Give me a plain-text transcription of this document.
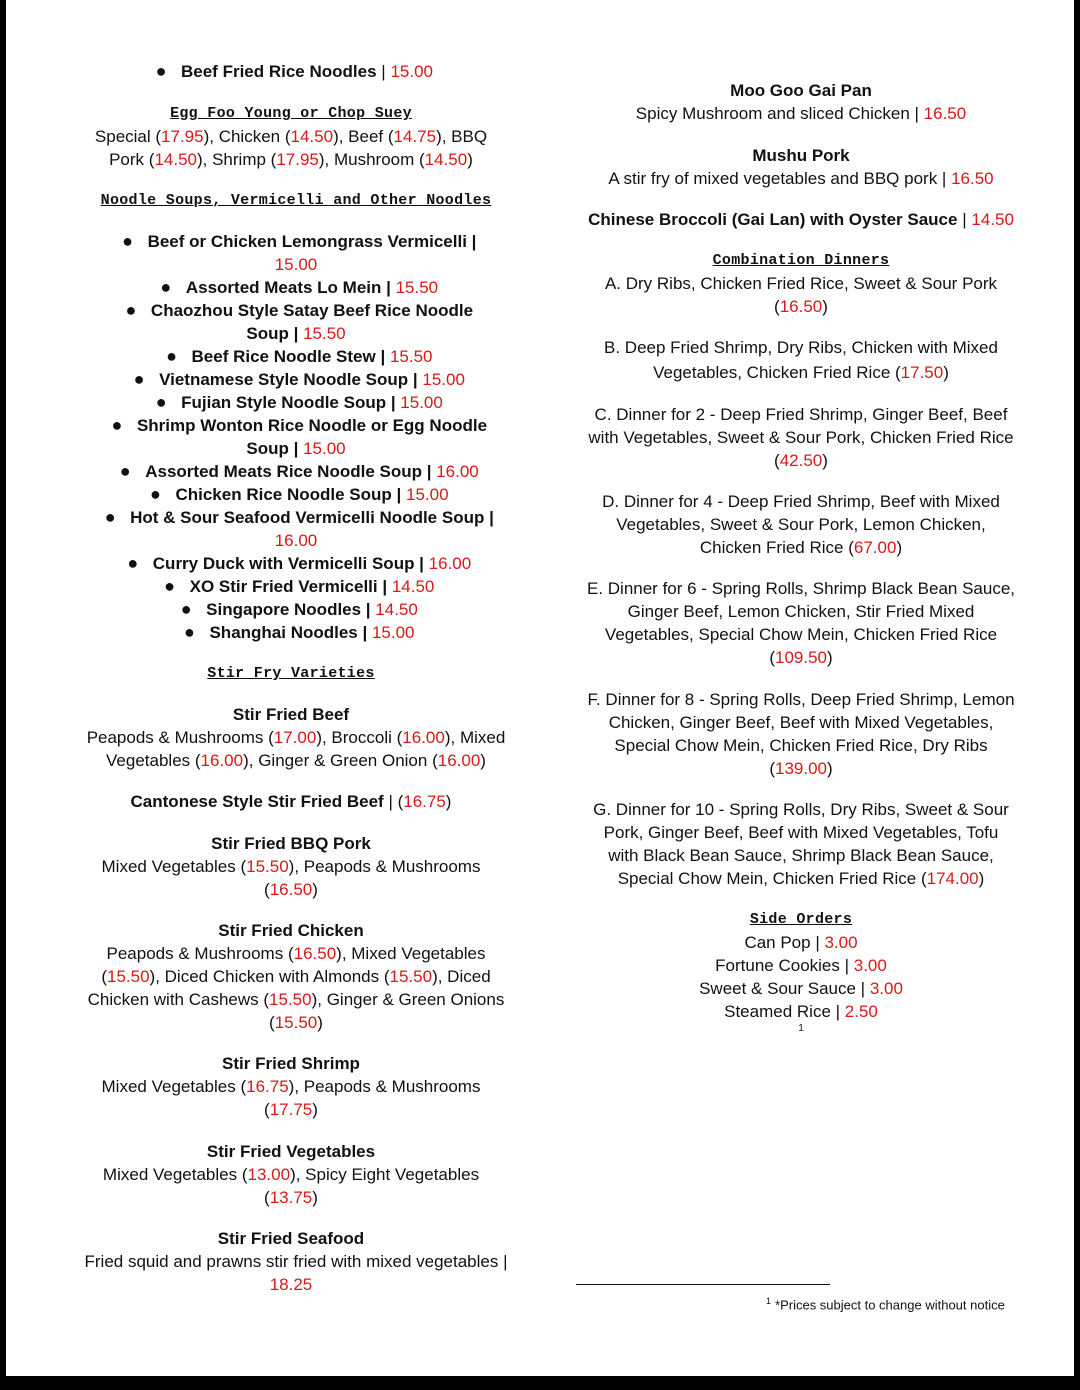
● Beef Fried Rice Noodles | 15.00
Egg Foo Young or Chop Suey
Special (17.95), Chicken (14.50), Beef (14.75), BBQ
Pork (14.50), Shrimp (17.95), Mushroom (14.50)
Noodle Soups, Vermicelli and Other Noodles
● Beef or Chicken Lemongrass Vermicelli |
15.00
● Assorted Meats Lo Mein | 15.50
● Chaozhou Style Satay Beef Rice Noodle
Soup | 15.50
● Beef Rice Noodle Stew | 15.50
● Vietnamese Style Noodle Soup | 15.00
● Fujian Style Noodle Soup | 15.00
● Shrimp Wonton Rice Noodle or Egg Noodle
Soup | 15.00
● Assorted Meats Rice Noodle Soup | 16.00
● Chicken Rice Noodle Soup | 15.00
● Hot & Sour Seafood Vermicelli Noodle Soup |
16.00
● Curry Duck with Vermicelli Soup | 16.00
● XO Stir Fried Vermicelli | 14.50
● Singapore Noodles | 14.50
● Shanghai Noodles | 15.00
Stir Fry Varieties
Stir Fried Beef
Peapods & Mushrooms (17.00), Broccoli (16.00), Mixed
Vegetables (16.00), Ginger & Green Onion (16.00)
Cantonese Style Stir Fried Beef | (16.75)
Stir Fried BBQ Pork
Mixed Vegetables (15.50), Peapods & Mushrooms
(16.50)
Stir Fried Chicken
Peapods & Mushrooms (16.50), Mixed Vegetables
(15.50), Diced Chicken with Almonds (15.50), Diced
Chicken with Cashews (15.50), Ginger & Green Onions
(15.50)
Stir Fried Shrimp
Mixed Vegetables (16.75), Peapods & Mushrooms
(17.75)
Stir Fried Vegetables
Mixed Vegetables (13.00), Spicy Eight Vegetables
(13.75)
Stir Fried Seafood
Fried squid and prawns stir fried with mixed vegetables |
18.25
Moo Goo Gai Pan
Spicy Mushroom and sliced Chicken | 16.50
Mushu Pork
A stir fry of mixed vegetables and BBQ pork | 16.50
Chinese Broccoli (Gai Lan) with Oyster Sauce | 14.50
Combination Dinners
A. Dry Ribs, Chicken Fried Rice, Sweet & Sour Pork
(16.50)
B. Deep Fried Shrimp, Dry Ribs, Chicken with Mixed
Vegetables, Chicken Fried Rice (17.50)
C. Dinner for 2 - Deep Fried Shrimp, Ginger Beef, Beef
with Vegetables, Sweet & Sour Pork, Chicken Fried Rice
(42.50)
D. Dinner for 4 - Deep Fried Shrimp, Beef with Mixed
Vegetables, Sweet & Sour Pork, Lemon Chicken,
Chicken Fried Rice (67.00)
E. Dinner for 6 - Spring Rolls, Shrimp Black Bean Sauce,
Ginger Beef, Lemon Chicken, Stir Fried Mixed
Vegetables, Special Chow Mein, Chicken Fried Rice
(109.50)
F. Dinner for 8 - Spring Rolls, Deep Fried Shrimp, Lemon
Chicken, Ginger Beef, Beef with Mixed Vegetables,
Special Chow Mein, Chicken Fried Rice, Dry Ribs
(139.00)
G. Dinner for 10 - Spring Rolls, Dry Ribs, Sweet & Sour
Pork, Ginger Beef, Beef with Mixed Vegetables, Tofu
with Black Bean Sauce, Shrimp Black Bean Sauce,
Special Chow Mein, Chicken Fried Rice (174.00)
Side Orders
Can Pop | 3.00
Fortune Cookies | 3.00
Sweet & Sour Sauce | 3.00
Steamed Rice | 2.50
1
$^1$ *Prices subject to change without notice
